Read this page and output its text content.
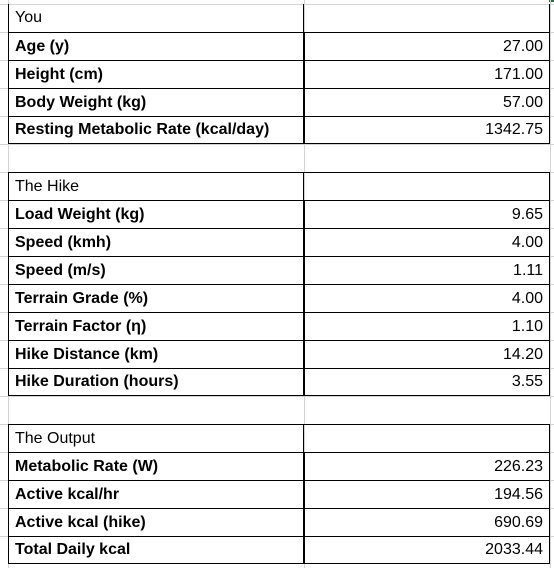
You
Age (y)	27.00
Height (cm)	171.00
Body Weight (kg)	57.00
Resting Metabolic Rate (kcal/day)	1342.75
The Hike
Load Weight (kg)	9.65
Speed (kmh)	4.00
Speed (m/s)	1.11
Terrain Grade (%)	4.00
Terrain Factor (η)	1.10
Hike Distance (km)	14.20
Hike Duration (hours)	3.55
The Output
Metabolic Rate (W)	226.23
Active kcal/hr	194.56
Active kcal (hike)	690.69
Total Daily kcal	2033.44
